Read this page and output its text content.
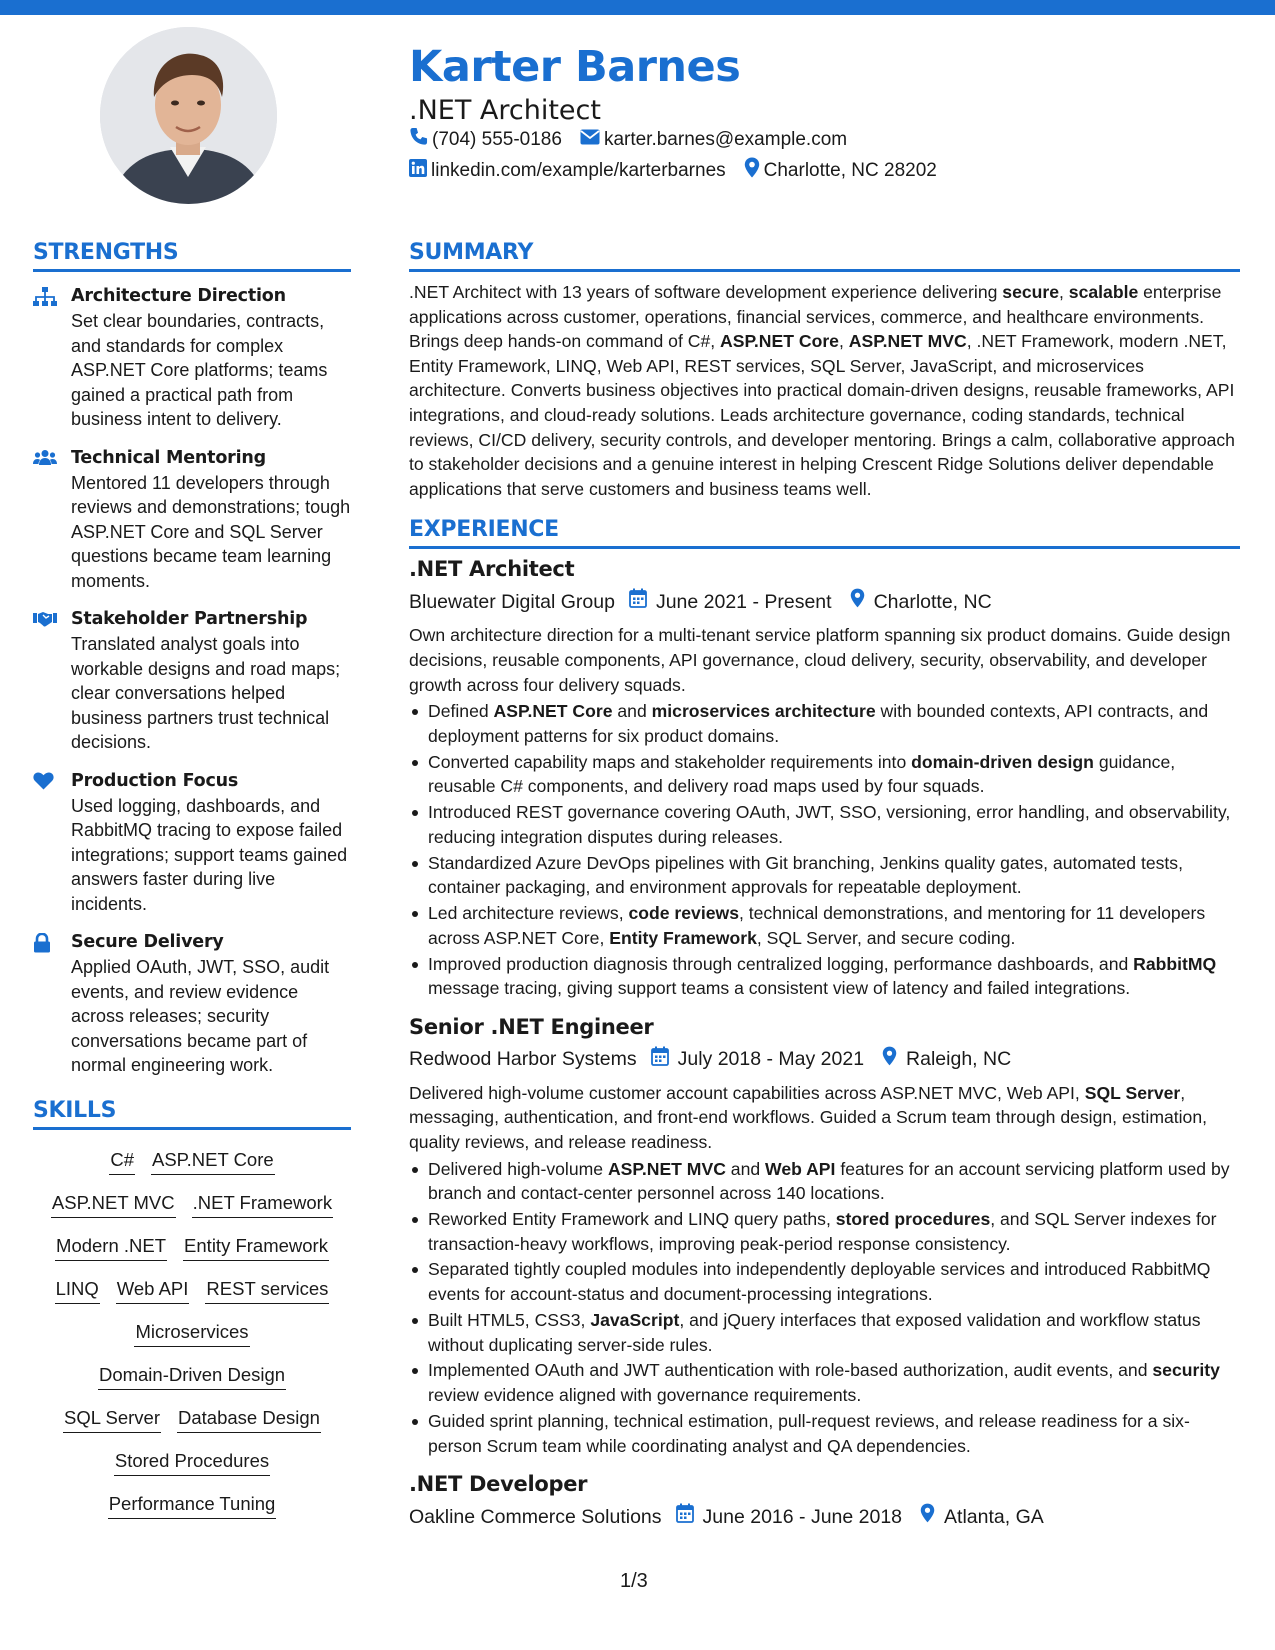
Karter Barnes
.NET Architect
(704) 555-0186 karter.barnes@example.com
linkedin.com/example/karterbarnes Charlotte, NC 28202
STRENGTHS
Architecture Direction
Set clear boundaries, contracts, and standards for complex ASP.NET Core platforms; teams gained a practical path from business intent to delivery.
Technical Mentoring
Mentored 11 developers through reviews and demonstrations; tough ASP.NET Core and SQL Server questions became team learning moments.
Stakeholder Partnership
Translated analyst goals into workable designs and road maps; clear conversations helped business partners trust technical decisions.
Production Focus
Used logging, dashboards, and RabbitMQ tracing to expose failed integrations; support teams gained answers faster during live incidents.
Secure Delivery
Applied OAuth, JWT, SSO, audit events, and review evidence across releases; security conversations became part of normal engineering work.
SKILLS
C# ASP.NET Core
ASP.NET MVC .NET Framework
Modern .NET Entity Framework
LINQ Web API REST services
Microservices
Domain-Driven Design
SQL Server Database Design
Stored Procedures
Performance Tuning
SUMMARY
.NET Architect with 13 years of software development experience delivering secure, scalable enterprise applications across customer, operations, financial services, commerce, and healthcare environments. Brings deep hands-on command of C#, ASP.NET Core, ASP.NET MVC, .NET Framework, modern .NET, Entity Framework, LINQ, Web API, REST services, SQL Server, JavaScript, and microservices architecture. Converts business objectives into practical domain-driven designs, reusable frameworks, API integrations, and cloud-ready solutions. Leads architecture governance, coding standards, technical reviews, CI/CD delivery, security controls, and developer mentoring. Brings a calm, collaborative approach to stakeholder decisions and a genuine interest in helping Crescent Ridge Solutions deliver dependable applications that serve customers and business teams well.
EXPERIENCE
.NET Architect
Bluewater Digital Group June 2021 - Present Charlotte, NC
Own architecture direction for a multi-tenant service platform spanning six product domains. Guide design decisions, reusable components, API governance, cloud delivery, security, observability, and developer growth across four delivery squads.
Defined ASP.NET Core and microservices architecture with bounded contexts, API contracts, and deployment patterns for six product domains.
Converted capability maps and stakeholder requirements into domain-driven design guidance, reusable C# components, and delivery road maps used by four squads.
Introduced REST governance covering OAuth, JWT, SSO, versioning, error handling, and observability, reducing integration disputes during releases.
Standardized Azure DevOps pipelines with Git branching, Jenkins quality gates, automated tests, container packaging, and environment approvals for repeatable deployment.
Led architecture reviews, code reviews, technical demonstrations, and mentoring for 11 developers across ASP.NET Core, Entity Framework, SQL Server, and secure coding.
Improved production diagnosis through centralized logging, performance dashboards, and RabbitMQ message tracing, giving support teams a consistent view of latency and failed integrations.
Senior .NET Engineer
Redwood Harbor Systems July 2018 - May 2021 Raleigh, NC
Delivered high-volume customer account capabilities across ASP.NET MVC, Web API, SQL Server, messaging, authentication, and front-end workflows. Guided a Scrum team through design, estimation, quality reviews, and release readiness.
Delivered high-volume ASP.NET MVC and Web API features for an account servicing platform used by branch and contact-center personnel across 140 locations.
Reworked Entity Framework and LINQ query paths, stored procedures, and SQL Server indexes for transaction-heavy workflows, improving peak-period response consistency.
Separated tightly coupled modules into independently deployable services and introduced RabbitMQ events for account-status and document-processing integrations.
Built HTML5, CSS3, JavaScript, and jQuery interfaces that exposed validation and workflow status without duplicating server-side rules.
Implemented OAuth and JWT authentication with role-based authorization, audit events, and security review evidence aligned with governance requirements.
Guided sprint planning, technical estimation, pull-request reviews, and release readiness for a six-person Scrum team while coordinating analyst and QA dependencies.
.NET Developer
Oakline Commerce Solutions June 2016 - June 2018 Atlanta, GA
1/3
